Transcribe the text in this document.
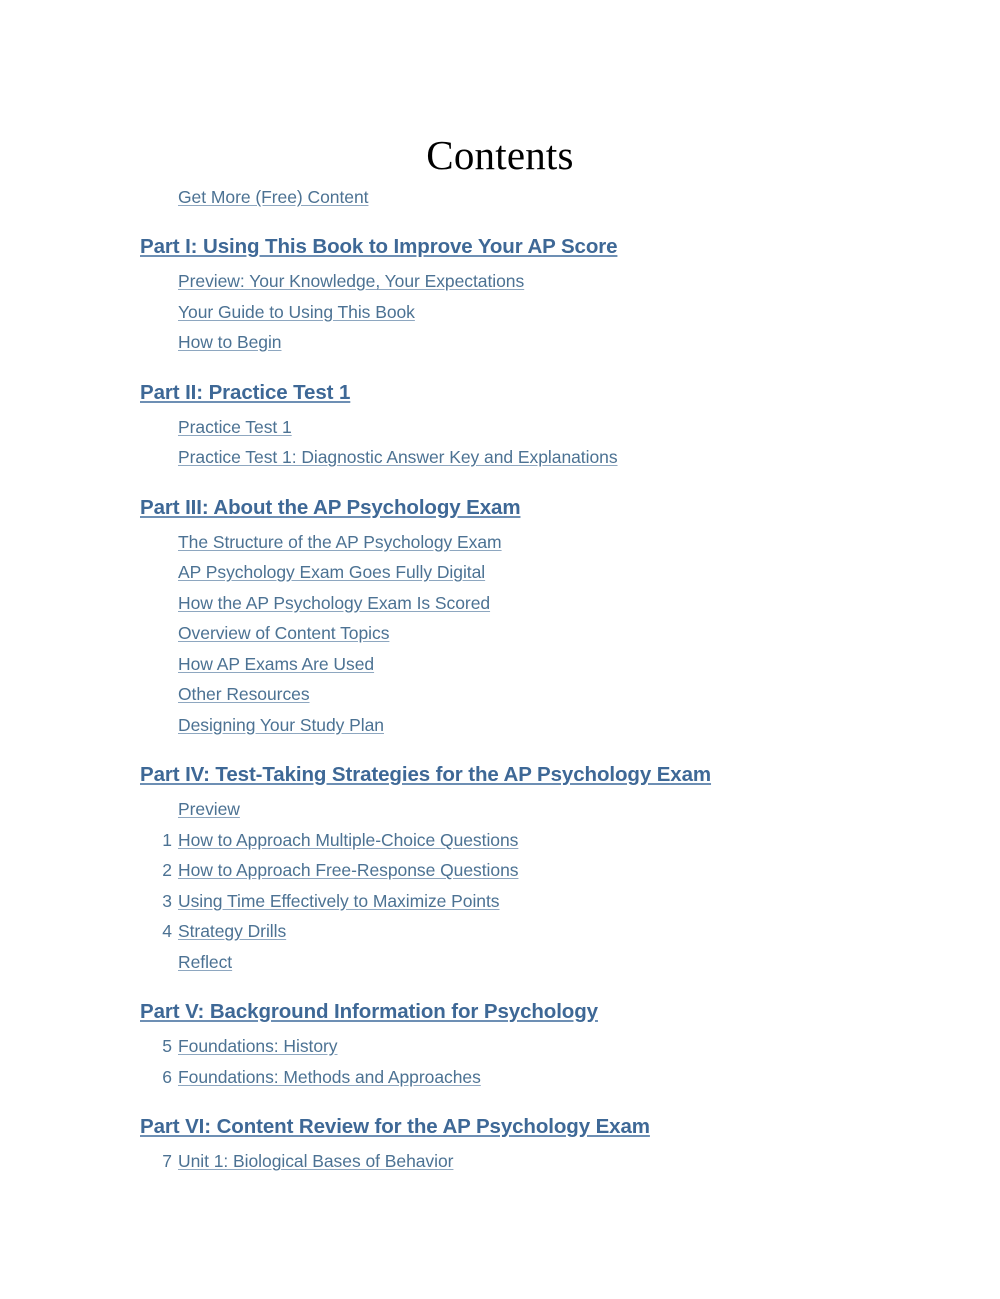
Contents
Get More (Free) Content
Part I: Using This Book to Improve Your AP Score
Preview: Your Knowledge, Your Expectations
Your Guide to Using This Book
How to Begin
Part II: Practice Test 1
Practice Test 1
Practice Test 1: Diagnostic Answer Key and Explanations
Part III: About the AP Psychology Exam
The Structure of the AP Psychology Exam
AP Psychology Exam Goes Fully Digital
How the AP Psychology Exam Is Scored
Overview of Content Topics
How AP Exams Are Used
Other Resources
Designing Your Study Plan
Part IV: Test-Taking Strategies for the AP Psychology Exam
Preview
1 How to Approach Multiple-Choice Questions
2 How to Approach Free-Response Questions
3 Using Time Effectively to Maximize Points
4 Strategy Drills
Reflect
Part V: Background Information for Psychology
5 Foundations: History
6 Foundations: Methods and Approaches
Part VI: Content Review for the AP Psychology Exam
7 Unit 1: Biological Bases of Behavior
